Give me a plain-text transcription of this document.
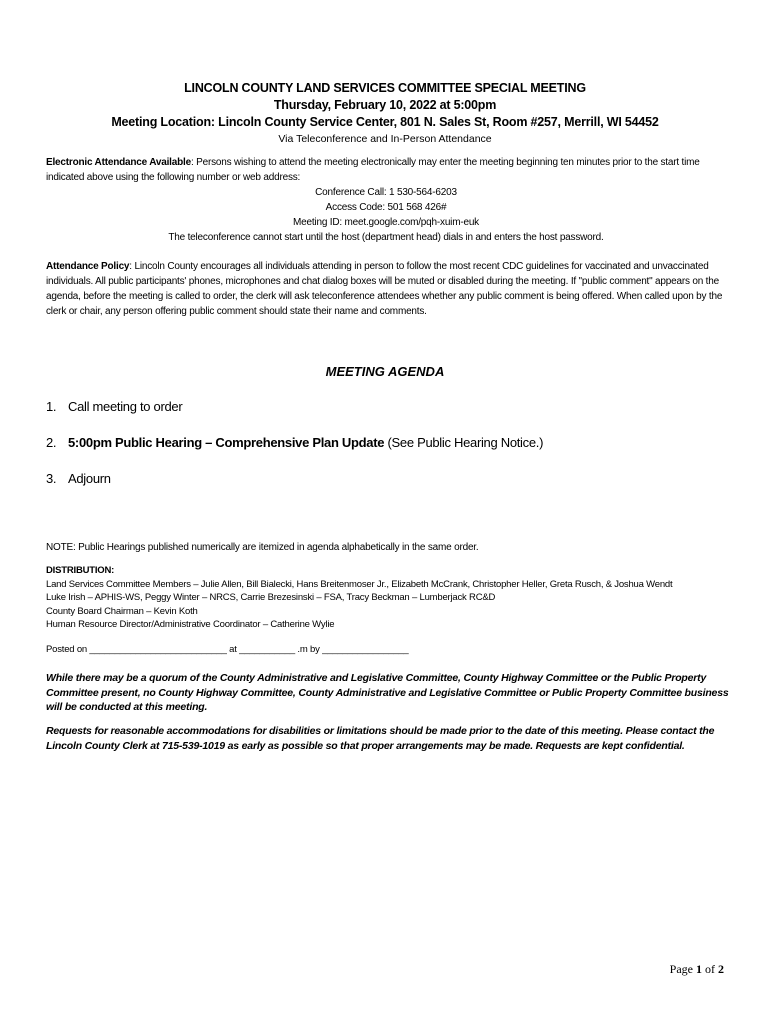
LINCOLN COUNTY LAND SERVICES COMMITTEE SPECIAL MEETING
Thursday, February 10, 2022 at 5:00pm
Meeting Location: Lincoln County Service Center, 801 N. Sales St, Room #257, Merrill, WI 54452
Via Teleconference and In-Person Attendance
Electronic Attendance Available: Persons wishing to attend the meeting electronically may enter the meeting beginning ten minutes prior to the start time indicated above using the following number or web address:
Conference Call: 1 530-564-6203
Access Code: 501 568 426#
Meeting ID: meet.google.com/pqh-xuim-euk
The teleconference cannot start until the host (department head) dials in and enters the host password.
Attendance Policy: Lincoln County encourages all individuals attending in person to follow the most recent CDC guidelines for vaccinated and unvaccinated individuals. All public participants' phones, microphones and chat dialog boxes will be muted or disabled during the meeting. If "public comment" appears on the agenda, before the meeting is called to order, the clerk will ask teleconference attendees whether any public comment is being offered. When called upon by the clerk or chair, any person offering public comment should state their name and comments.
MEETING AGENDA
1. Call meeting to order
2. 5:00pm Public Hearing – Comprehensive Plan Update (See Public Hearing Notice.)
3. Adjourn
NOTE: Public Hearings published numerically are itemized in agenda alphabetically in the same order.
DISTRIBUTION:
Land Services Committee Members – Julie Allen, Bill Bialecki, Hans Breitenmoser Jr., Elizabeth McCrank, Christopher Heller, Greta Rusch, & Joshua Wendt
Luke Irish – APHIS-WS, Peggy Winter – NRCS, Carrie Brezesinski – FSA, Tracy Beckman – Lumberjack RC&D
County Board Chairman – Kevin Koth
Human Resource Director/Administrative Coordinator – Catherine Wylie
Posted on ___________________________ at ___________ .m by _________________
While there may be a quorum of the County Administrative and Legislative Committee, County Highway Committee or the Public Property Committee present, no County Highway Committee, County Administrative and Legislative Committee or Public Property Committee business will be conducted at this meeting.
Requests for reasonable accommodations for disabilities or limitations should be made prior to the date of this meeting. Please contact the Lincoln County Clerk at 715-539-1019 as early as possible so that proper arrangements may be made. Requests are kept confidential.
Page 1 of 2
